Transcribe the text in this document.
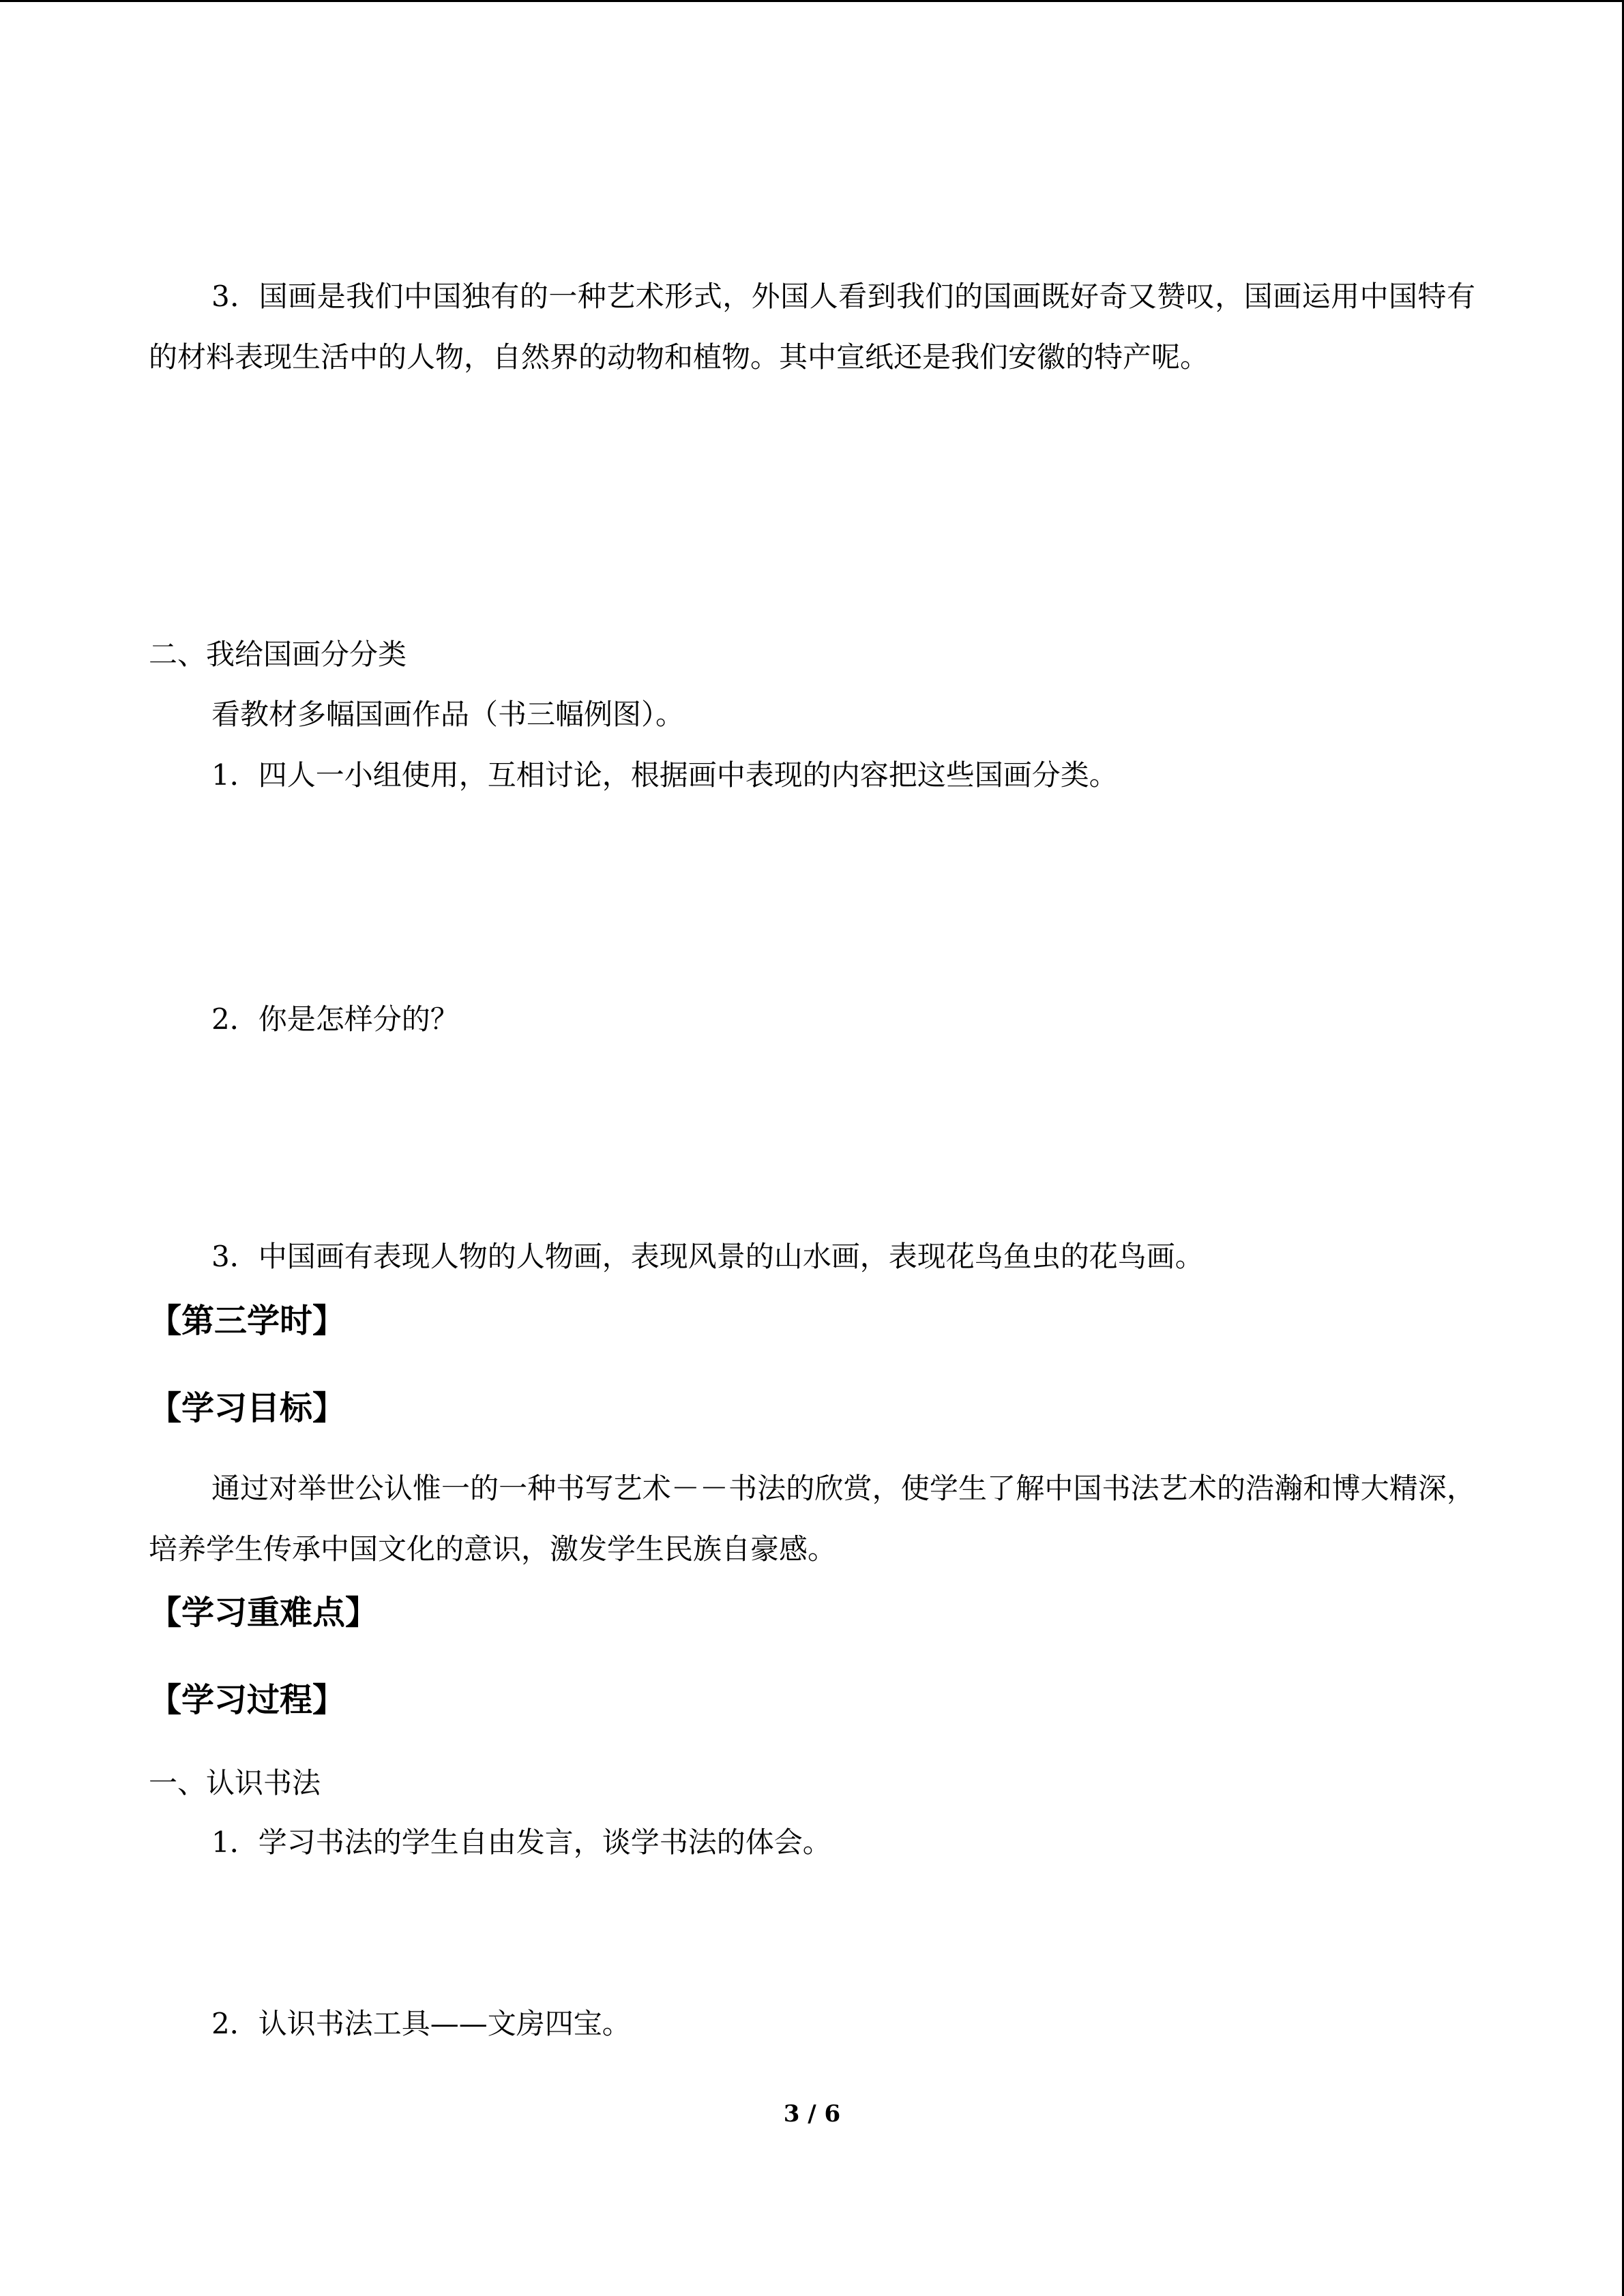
3．国画是我们中国独有的一种艺术形式，外国人看到我们的国画既好奇又赞叹，国画运用中国特有的材料表现生活中的人物，自然界的动物和植物。其中宣纸还是我们安徽的特产呢。
二、我给国画分分类
看教材多幅国画作品（书三幅例图）。
1．四人一小组使用，互相讨论，根据画中表现的内容把这些国画分类。
2．你是怎样分的？
3．中国画有表现人物的人物画，表现风景的山水画，表现花鸟鱼虫的花鸟画。
【第三学时】
【学习目标】
通过对举世公认惟一的一种书写艺术－－书法的欣赏，使学生了解中国书法艺术的浩瀚和博大精深，培养学生传承中国文化的意识，激发学生民族自豪感。
【学习重难点】
【学习过程】
一、认识书法
1．学习书法的学生自由发言，谈学书法的体会。
2．认识书法工具——文房四宝。
3 / 6
